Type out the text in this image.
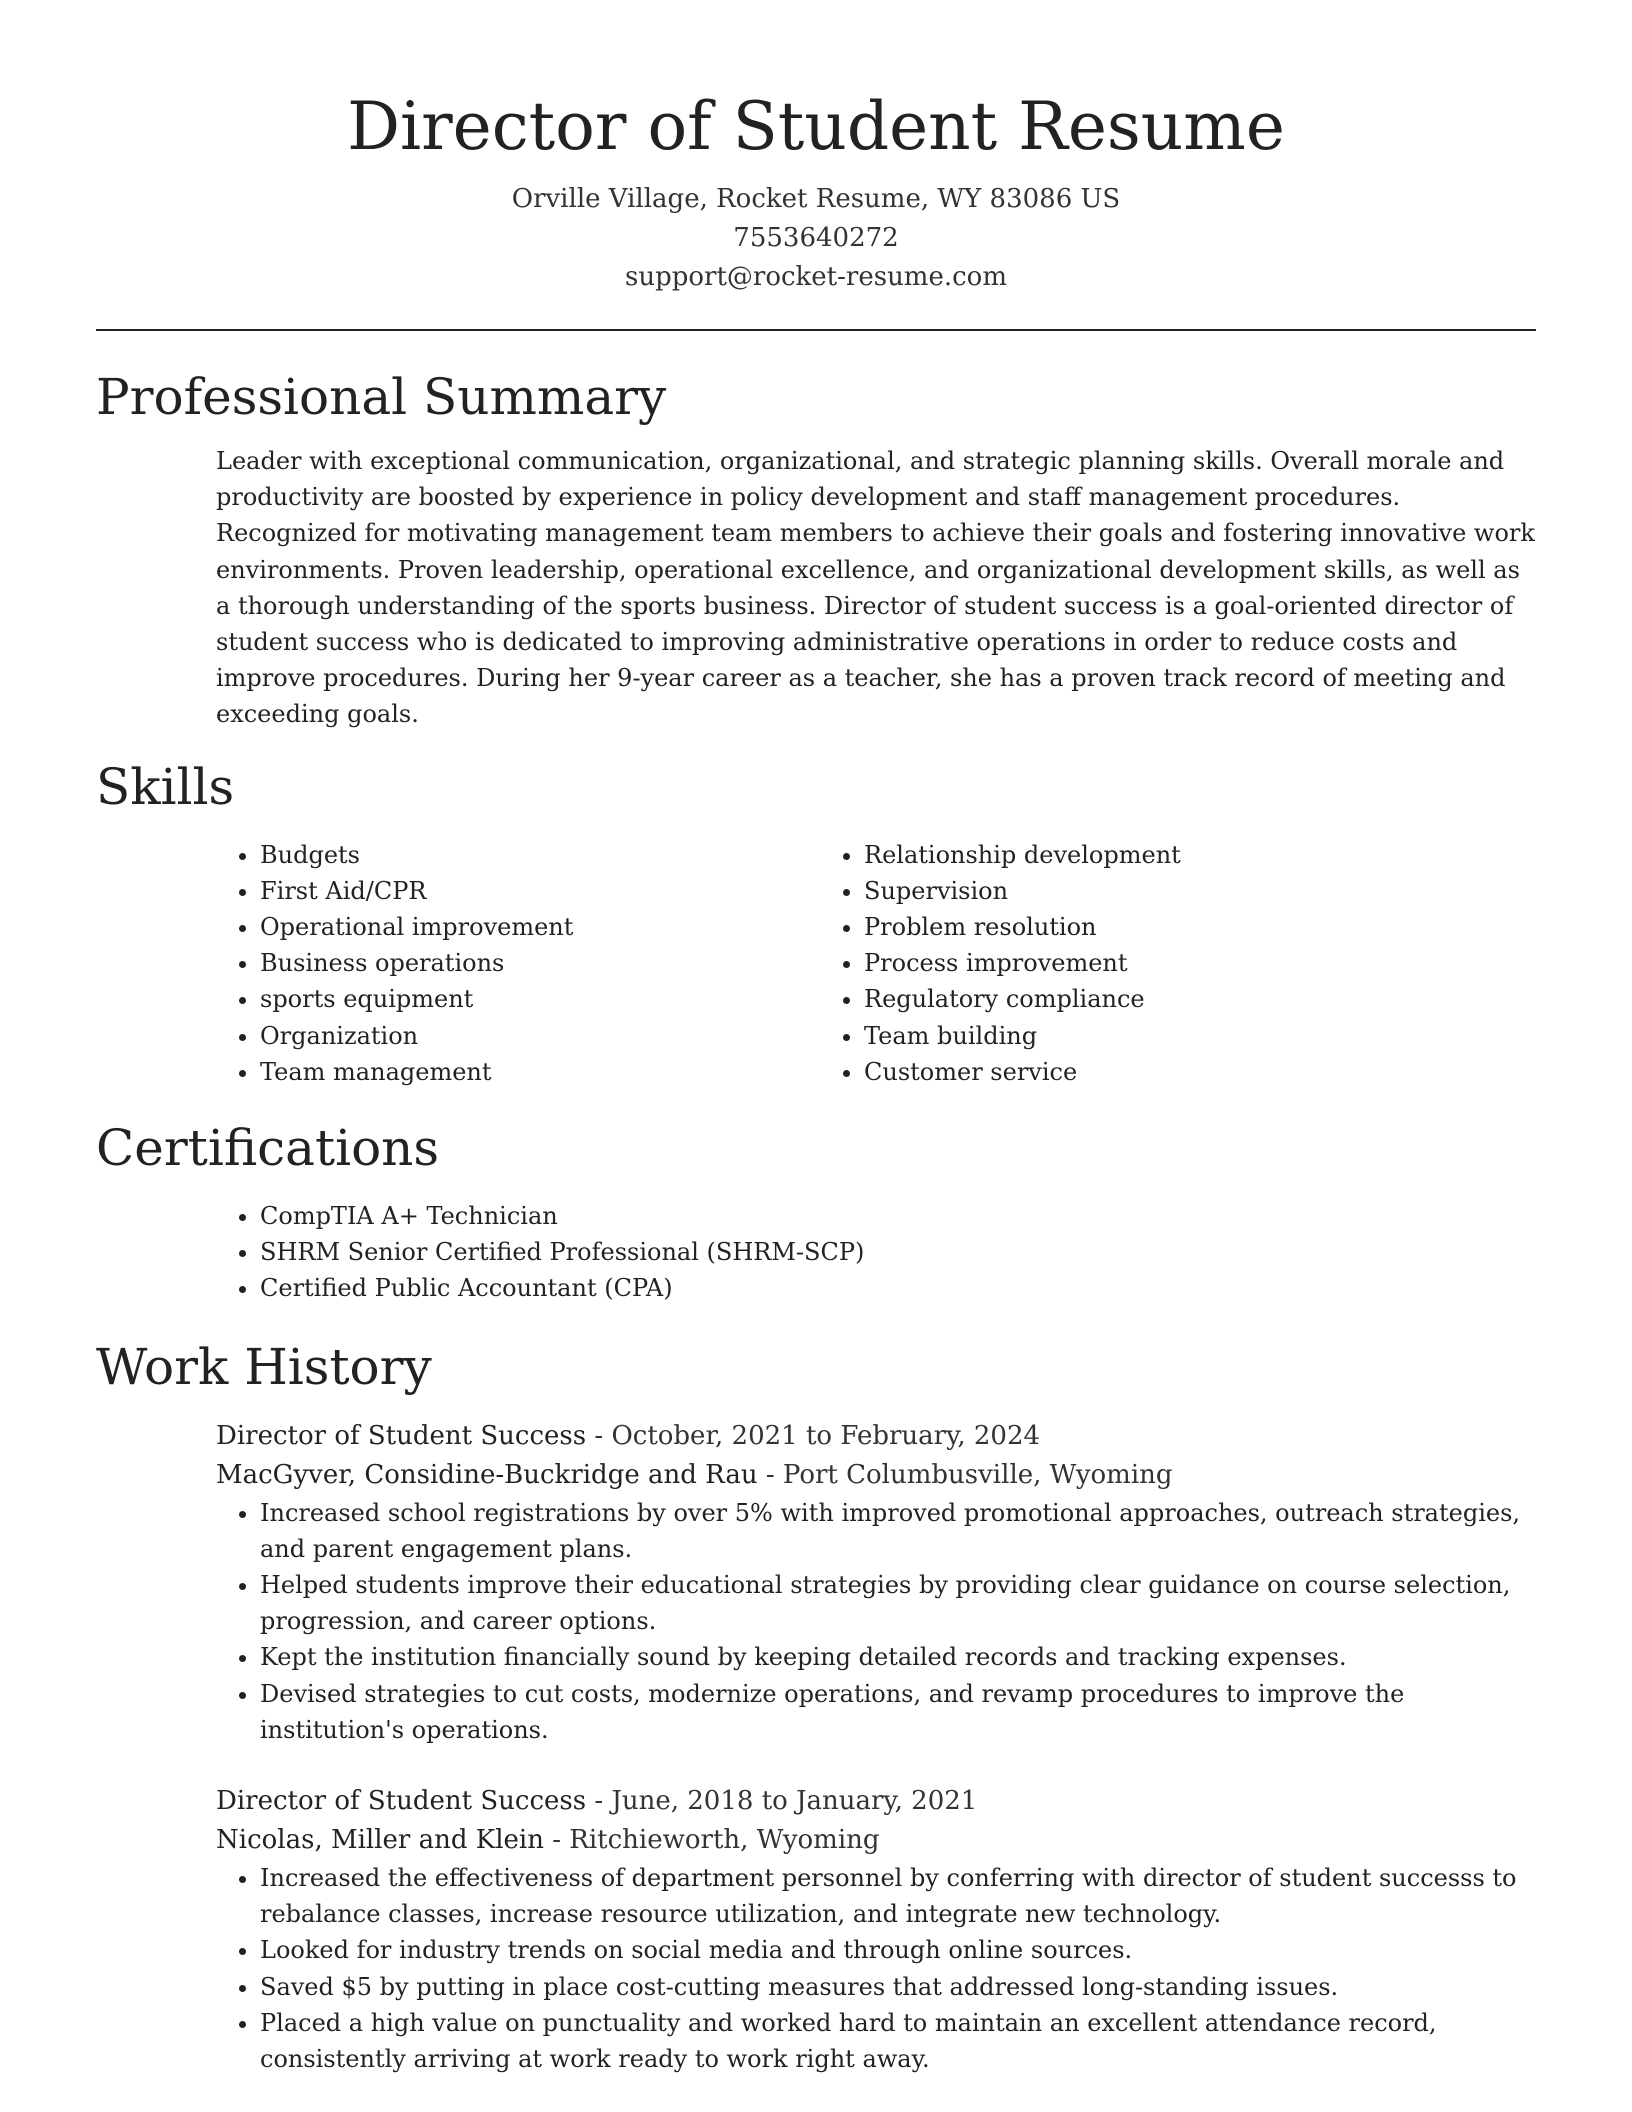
Director of Student Resume
Orville Village, Rocket Resume, WY 83086 US
7553640272
support@rocket-resume.com
Professional Summary

Leader with exceptional communication, organizational, and strategic planning skills. Overall morale and productivity are boosted by experience in policy development and staff management procedures. Recognized for motivating management team members to achieve their goals and fostering innovative work environments. Proven leadership, operational excellence, and organizational development skills, as well as a thorough understanding of the sports business. Director of student success is a goal-oriented director of student success who is dedicated to improving administrative operations in order to reduce costs and improve procedures. During her 9-year career as a teacher, she has a proven track record of meeting and exceeding goals.

Skills
• Budgets
• First Aid/CPR
• Operational improvement
• Business operations
• sports equipment
• Organization
• Team management
• Relationship development
• Supervision
• Problem resolution
• Process improvement
• Regulatory compliance
• Team building
• Customer service
Certifications
• CompTIA A+ Technician
• SHRM Senior Certified Professional (SHRM-SCP)
• Certified Public Accountant (CPA)
Work History
Director of Student Success - October, 2021 to February, 2024
MacGyver, Considine-Buckridge and Rau - Port Columbusville, Wyoming
• Increased school registrations by over 5% with improved promotional approaches, outreach strategies, and parent engagement plans.
• Helped students improve their educational strategies by providing clear guidance on course selection, progression, and career options.
• Kept the institution financially sound by keeping detailed records and tracking expenses.
• Devised strategies to cut costs, modernize operations, and revamp procedures to improve the institution's operations.
Director of Student Success - June, 2018 to January, 2021
Nicolas, Miller and Klein - Ritchieworth, Wyoming
• Increased the effectiveness of department personnel by conferring with director of student successs to rebalance classes, increase resource utilization, and integrate new technology.
• Looked for industry trends on social media and through online sources.
• Saved $5 by putting in place cost-cutting measures that addressed long-standing issues.
• Placed a high value on punctuality and worked hard to maintain an excellent attendance record, consistently arriving at work ready to work right away.
